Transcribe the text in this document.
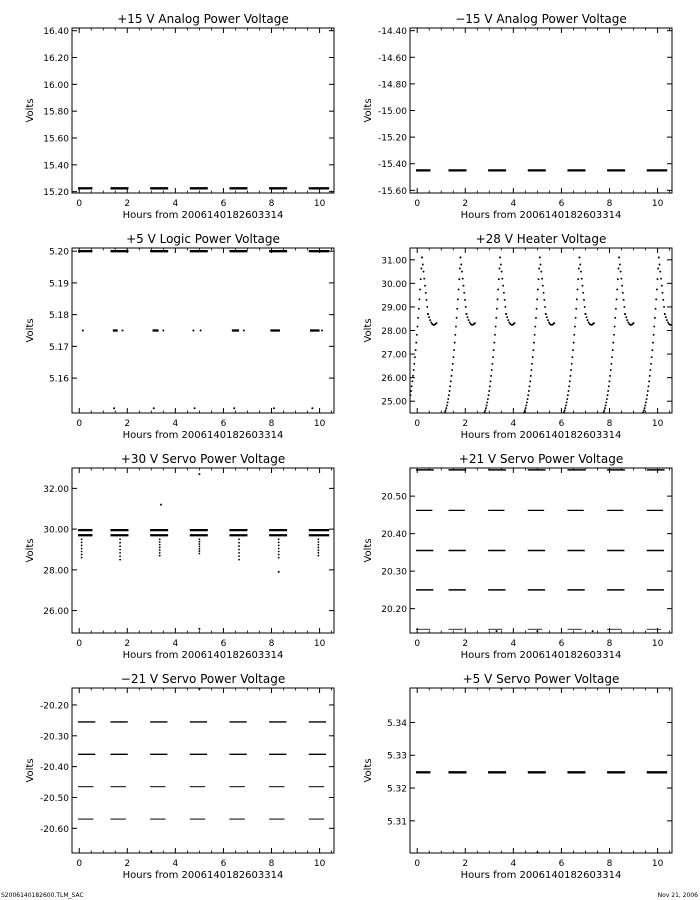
+15 V Analog Power Voltage
0	2	4	6	8	10
15.20
15.40
15.60
15.80
16.00
16.20
16.40
Hours from 2006140182603314
Volts
−15 V Analog Power Voltage
0	2	4	6	8	10
-15.60
-15.40
-15.20
-15.00
-14.80
-14.60
-14.40
Hours from 2006140182603314
Volts
+5 V Logic Power Voltage
0	2	4	6	8	10
5.16
5.17
5.18
5.19
5.20
Hours from 2006140182603314
Volts
+28 V Heater Voltage
0	2	4	6	8	10
25.00
26.00
27.00
28.00
29.00
30.00
31.00
Hours from 2006140182603314
Volts
+30 V Servo Power Voltage
0	2	4	6	8	10
26.00
28.00
30.00
32.00
Hours from 2006140182603314
Volts
+21 V Servo Power Voltage
0	2	4	6	8	10
20.20
20.30
20.40
20.50
Hours from 2006140182603314
Volts
−21 V Servo Power Voltage
0	2	4	6	8	10
-20.60
-20.50
-20.40
-20.30
-20.20
Hours from 2006140182603314
Volts
+5 V Servo Power Voltage
0	2	4	6	8	10
5.31
5.32
5.33
5.34
Hours from 2006140182603314
Volts
S2006140182600.TLM_SAC	Nov 21, 2006
